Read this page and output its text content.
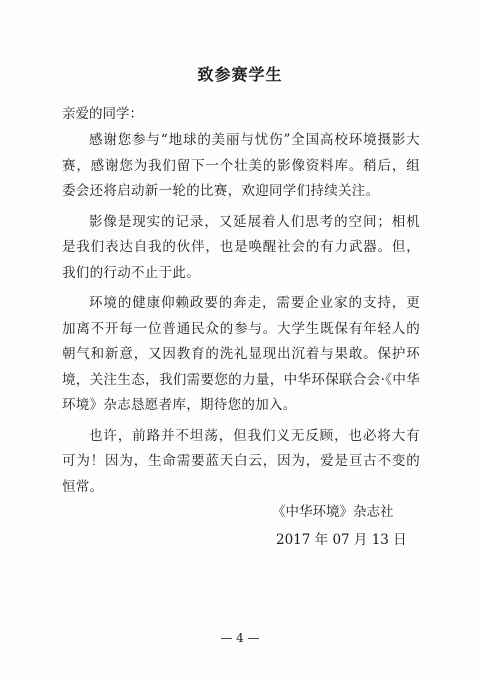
致参赛学生
亲爱的同学：

感谢您参与“地球的美丽与忧伤”全国高校环境摄影大赛，感谢您为我们留下一个壮美的影像资料库。稍后，组委会还将启动新一轮的比赛，欢迎同学们持续关注。

影像是现实的记录，又延展着人们思考的空间；相机是我们表达自我的伙伴，也是唤醒社会的有力武器。但，我们的行动不止于此。

环境的健康仰赖政要的奔走，需要企业家的支持，更加离不开每一位普通民众的参与。大学生既保有年轻人的朝气和新意，又因教育的洗礼显现出沉着与果敢。保护环境，关注生态，我们需要您的力量，中华环保联合会·《中华环境》杂志恳愿者库，期待您的加入。

也许，前路并不坦荡，但我们义无反顾，也必将大有可为！因为，生命需要蓝天白云，因为，爱是亘古不变的恒常。

《中华环境》杂志社
2017 年 07 月 13 日
— 4 —
